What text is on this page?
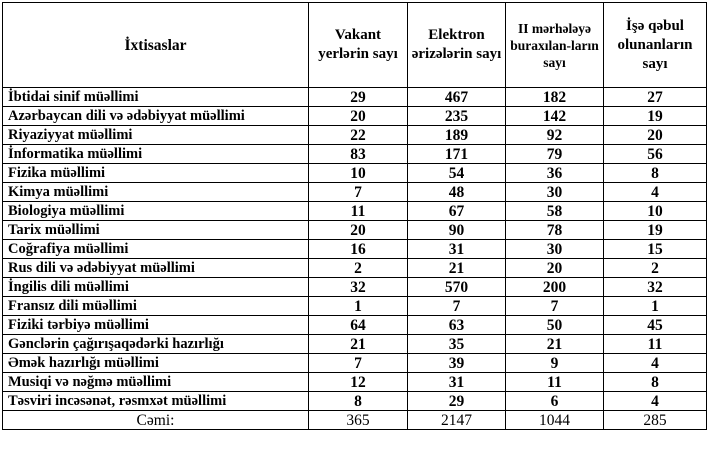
İxtisaslar	Vakant yerlərin sayı	Elektron ərizələrin sayı	II mərhələyə buraxılan-ların sayı	İşə qəbul olunanların sayı
İbtidai sinif müəllimi	29	467	182	27
Azərbaycan dili və ədəbiyyat müəllimi	20	235	142	19
Riyaziyyat müəllimi	22	189	92	20
İnformatika müəllimi	83	171	79	56
Fizika müəllimi	10	54	36	8
Kimya müəllimi	7	48	30	4
Biologiya müəllimi	11	67	58	10
Tarix müəllimi	20	90	78	19
Coğrafiya müəllimi	16	31	30	15
Rus dili və ədəbiyyat müəllimi	2	21	20	2
İngilis dili müəllimi	32	570	200	32
Fransız dili müəllimi	1	7	7	1
Fiziki tərbiyə müəllimi	64	63	50	45
Gənclərin çağırışaqədərki hazırlığı	21	35	21	11
Əmək hazırlığı müəllimi	7	39	9	4
Musiqi və nəğmə müəllimi	12	31	11	8
Təsviri incəsənət, rəsmxət müəllimi	8	29	6	4
Cəmi:	365	2147	1044	285
